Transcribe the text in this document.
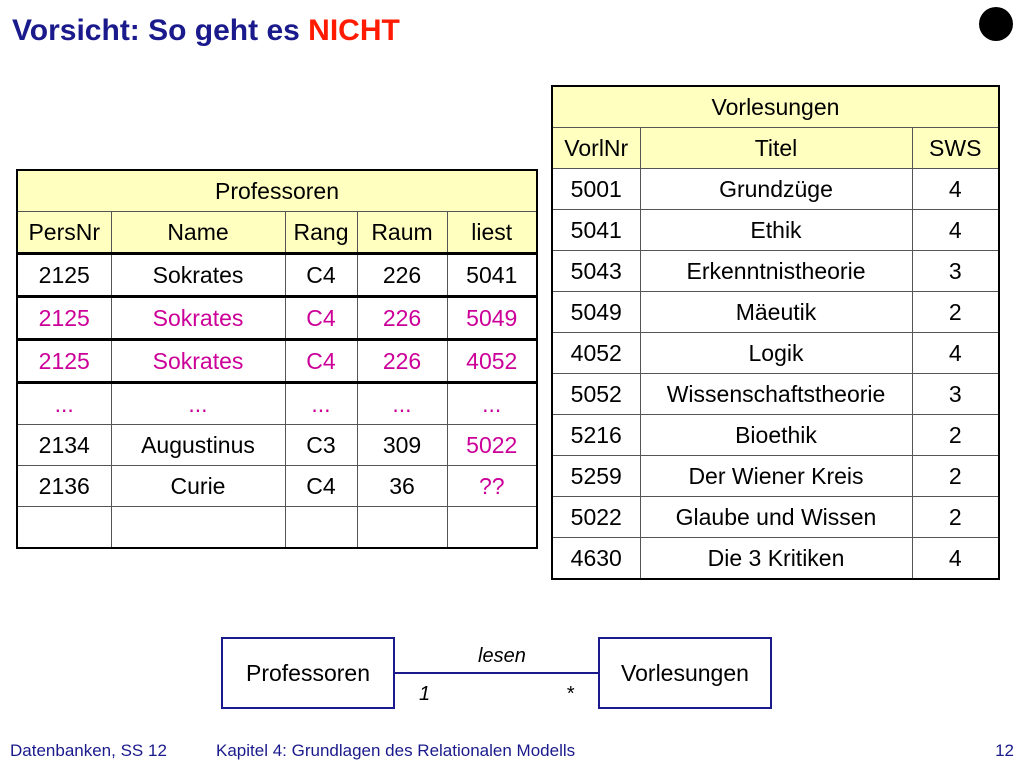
Vorsicht: So geht es NICHT
Professoren				
PersNr	Name	Rang	Raum	liest
2125	Sokrates	C4	226	5041
2125	Sokrates	C4	226	5049
2125	Sokrates	C4	226	4052
...	...	...	...	...
2134	Augustinus	C3	309	5022
2136	Curie	C4	36	??

Vorlesungen		
VorlNr	Titel	SWS
5001	Grundzüge	4
5041	Ethik	4
5043	Erkenntnistheorie	3
5049	Mäeutik	2
4052	Logik	4
5052	Wissenschaftstheorie	3
5216	Bioethik	2
5259	Der Wiener Kreis	2
5022	Glaube und Wissen	2
4630	Die 3 Kritiken	4
Professoren	Vorlesungen
lesen
1	*
Datenbanken, SS 12	Kapitel 4: Grundlagen des Relationalen Modells	12
